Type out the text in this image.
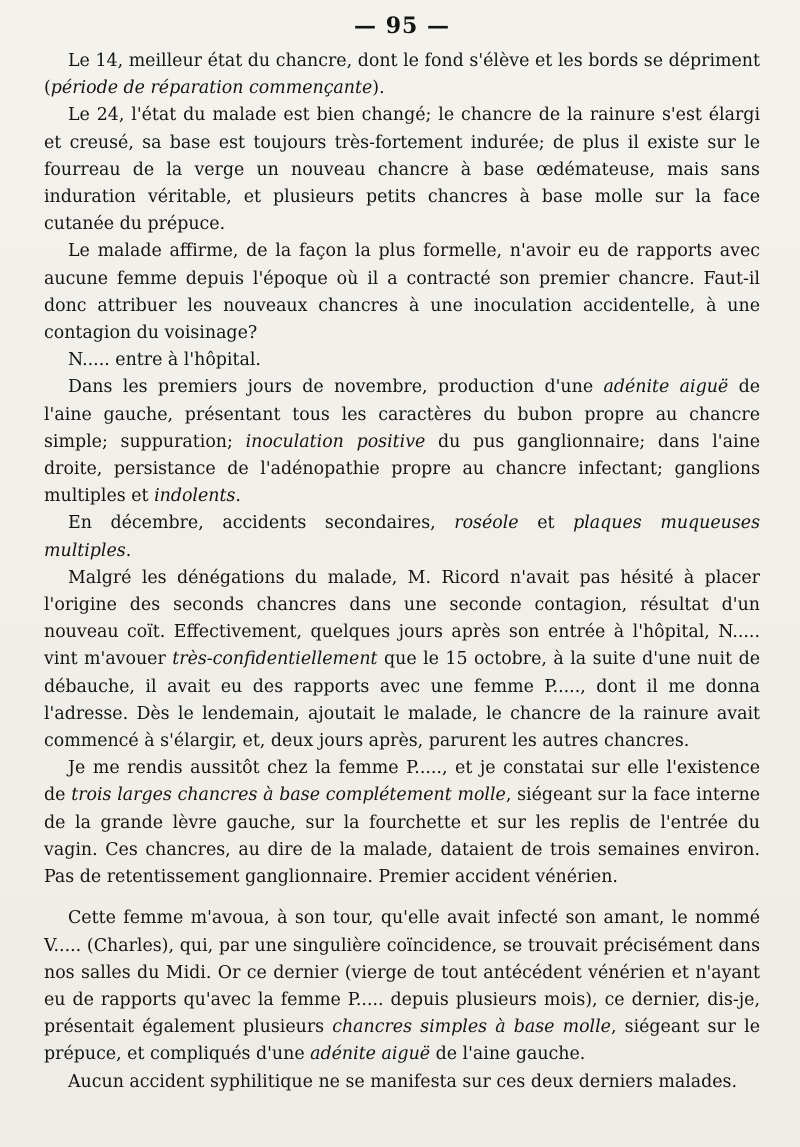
— 95 —

Le 14, meilleur état du chancre, dont le fond s'élève et les bords se dépriment (période de réparation commençante).

Le 24, l'état du malade est bien changé; le chancre de la rainure s'est élargi et creusé, sa base est toujours très-fortement indurée; de plus il existe sur le fourreau de la verge un nouveau chancre à base œdémateuse, mais sans induration véritable, et plusieurs petits chancres à base molle sur la face cutanée du prépuce.

Le malade affirme, de la façon la plus formelle, n'avoir eu de rapports avec aucune femme depuis l'époque où il a contracté son premier chancre. Faut-il donc attribuer les nouveaux chancres à une inoculation accidentelle, à une contagion du voisinage?

N..... entre à l'hôpital.

Dans les premiers jours de novembre, production d'une adénite aiguë de l'aine gauche, présentant tous les caractères du bubon propre au chancre simple; suppuration; inoculation positive du pus ganglionnaire; dans l'aine droite, persistance de l'adénopathie propre au chancre infectant; ganglions multiples et indolents.

En décembre, accidents secondaires, roséole et plaques muqueuses multiples.

Malgré les dénégations du malade, M. Ricord n'avait pas hésité à placer l'origine des seconds chancres dans une seconde contagion, résultat d'un nouveau coït. Effectivement, quelques jours après son entrée à l'hôpital, N..... vint m'avouer très-confidentiellement que le 15 octobre, à la suite d'une nuit de débauche, il avait eu des rapports avec une femme P....., dont il me donna l'adresse. Dès le lendemain, ajoutait le malade, le chancre de la rainure avait commencé à s'élargir, et, deux jours après, parurent les autres chancres.

Je me rendis aussitôt chez la femme P....., et je constatai sur elle l'existence de trois larges chancres à base complétement molle, siégeant sur la face interne de la grande lèvre gauche, sur la fourchette et sur les replis de l'entrée du vagin. Ces chancres, au dire de la malade, dataient de trois semaines environ. Pas de retentissement ganglionnaire. Premier accident vénérien.

Cette femme m'avoua, à son tour, qu'elle avait infecté son amant, le nommé V..... (Charles), qui, par une singulière coïncidence, se trouvait précisément dans nos salles du Midi. Or ce dernier (vierge de tout antécédent vénérien et n'ayant eu de rapports qu'avec la femme P..... depuis plusieurs mois), ce dernier, dis-je, présentait également plusieurs chancres simples à base molle, siégeant sur le prépuce, et compliqués d'une adénite aiguë de l'aine gauche.

Aucun accident syphilitique ne se manifesta sur ces deux derniers malades.
